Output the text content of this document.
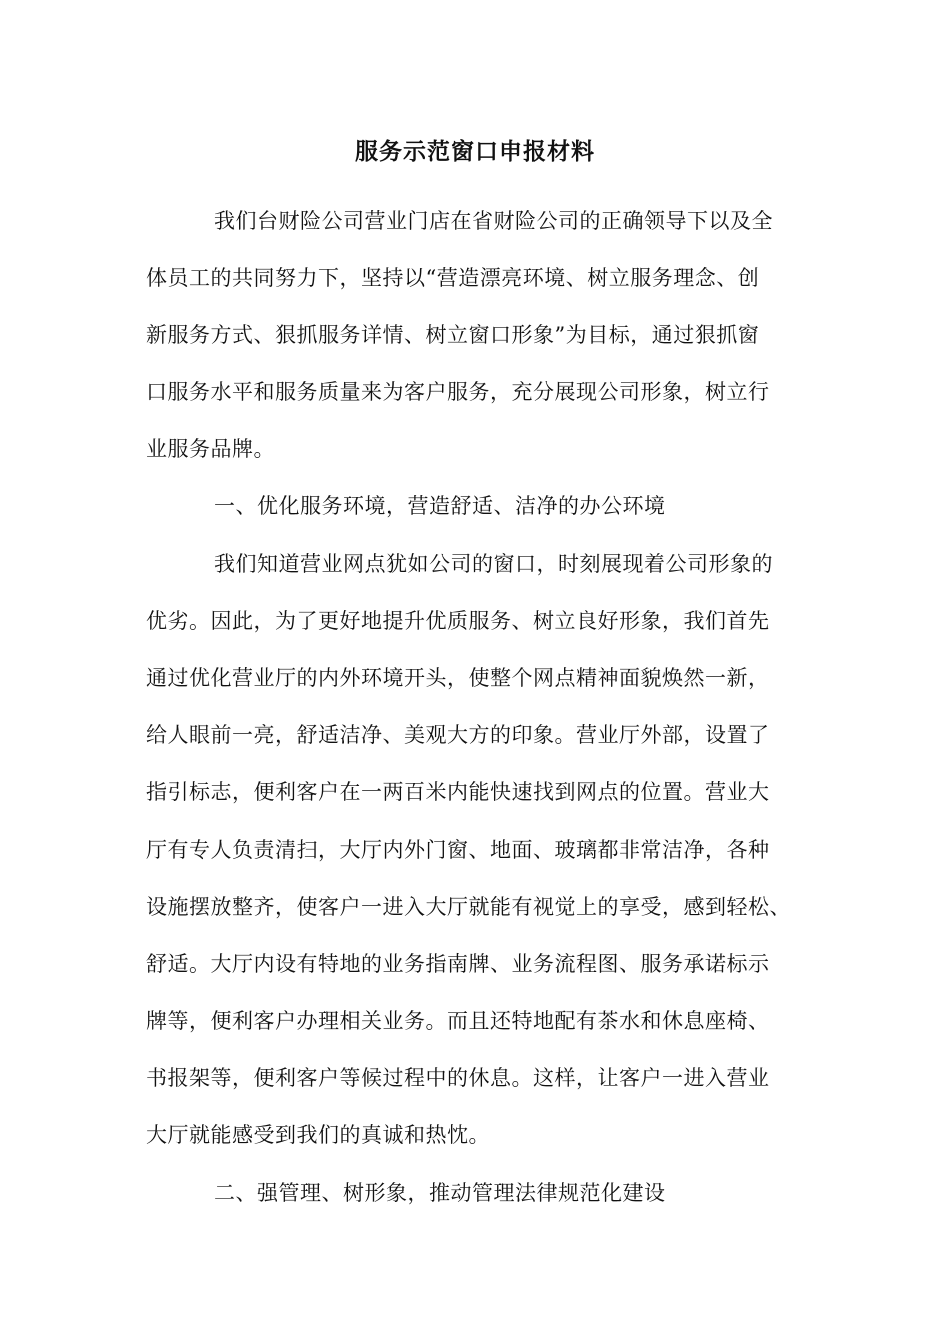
服务示范窗口申报材料
我们台财险公司营业门店在省财险公司的正确领导下以及全
体员工的共同努力下，坚持以“营造漂亮环境、树立服务理念、创
新服务方式、狠抓服务详情、树立窗口形象”为目标，通过狠抓窗
口服务水平和服务质量来为客户服务，充分展现公司形象，树立行
业服务品牌。
一、优化服务环境，营造舒适、洁净的办公环境
我们知道营业网点犹如公司的窗口，时刻展现着公司形象的
优劣。因此，为了更好地提升优质服务、树立良好形象，我们首先
通过优化营业厅的内外环境开头，使整个网点精神面貌焕然一新，
给人眼前一亮，舒适洁净、美观大方的印象。营业厅外部，设置了
指引标志，便利客户在一两百米内能快速找到网点的位置。营业大
厅有专人负责清扫，大厅内外门窗、地面、玻璃都非常洁净，各种
设施摆放整齐，使客户一进入大厅就能有视觉上的享受，感到轻松、
舒适。大厅内设有特地的业务指南牌、业务流程图、服务承诺标示
牌等，便利客户办理相关业务。而且还特地配有茶水和休息座椅、
书报架等，便利客户等候过程中的休息。这样，让客户一进入营业
大厅就能感受到我们的真诚和热忱。
二、强管理、树形象，推动管理法律规范化建设
